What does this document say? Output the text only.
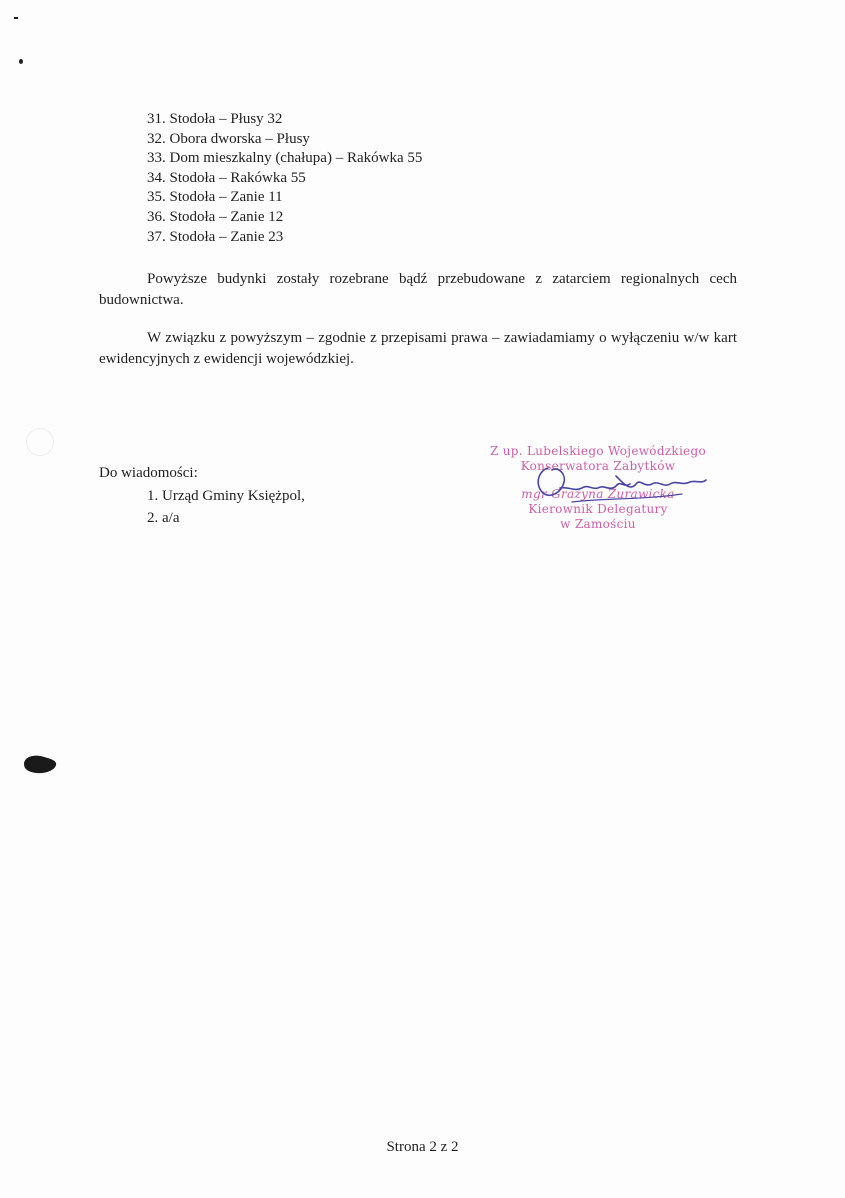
31. Stodoła – Płusy 32
32. Obora dworska – Płusy
33. Dom mieszkalny (chałupa) – Rakówka 55
34. Stodoła – Rakówka 55
35. Stodoła – Zanie 11
36. Stodoła – Zanie 12
37. Stodoła – Zanie 23

Powyższe budynki zostały rozebrane bądź przebudowane z zatarciem regionalnych cech budownictwa.

W związku z powyższym – zgodnie z przepisami prawa – zawiadamiamy o wyłączeniu w/w kart ewidencyjnych z ewidencji wojewódzkiej.

Do wiadomości:

1. Urząd Gminy Księżpol,
2. a/a
Z up. Lubelskiego Wojewódzkiego
Konserwatora Zabytków
mgr Grażyna Żurawicka
Kierownik Delegatury
w Zamościu
Strona 2 z 2
